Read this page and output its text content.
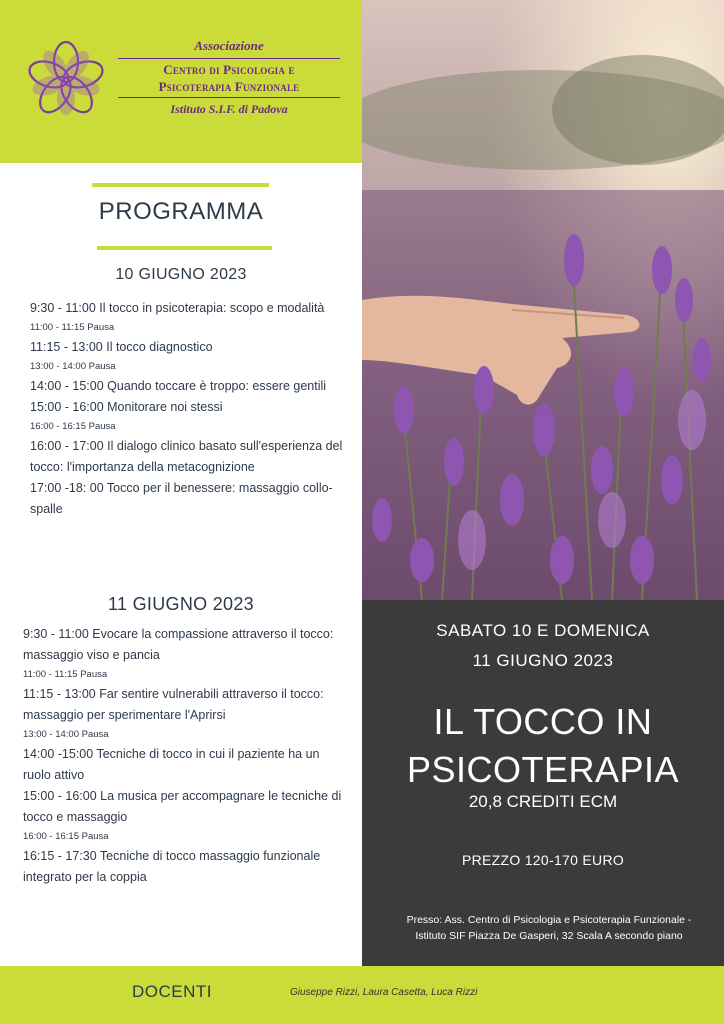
Associazione
Centro di Psicologia e
Psicoterapia Funzionale
Istituto S.I.F. di Padova
PROGRAMMA
10 GIUGNO 2023
9:30 - 11:00 Il tocco in psicoterapia: scopo e modalità
11:00 - 11:15 Pausa
11:15 - 13:00 Il tocco diagnostico
13:00 - 14:00 Pausa
14:00 - 15:00 Quando toccare è troppo: essere gentili
15:00 - 16:00 Monitorare noi stessi
16:00 - 16:15 Pausa
16:00 - 17:00 Il dialogo clinico basato sull'esperienza del tocco: l'importanza della metacognizione
17:00 -18: 00 Tocco per il benessere: massaggio collo-spalle
11 GIUGNO 2023
9:30 - 11:00 Evocare la compassione attraverso il tocco: massaggio viso e pancia
11:00 - 11:15 Pausa
11:15 - 13:00 Far sentire vulnerabili attraverso il tocco: massaggio per sperimentare l'Aprirsi
13:00 - 14:00 Pausa
14:00 -15:00 Tecniche di tocco in cui il paziente ha un ruolo attivo
15:00 - 16:00 La musica per accompagnare le tecniche di tocco e massaggio
16:00 - 16:15 Pausa
16:15 - 17:30 Tecniche di tocco massaggio funzionale integrato per la coppia
SABATO 10 E DOMENICA
11 GIUGNO 2023
IL TOCCO IN
PSICOTERAPIA
20,8 CREDITI ECM
PREZZO 120-170 EURO
Presso: Ass. Centro di Psicologia e Psicoterapia Funzionale -
Istituto SIF Piazza De Gasperi, 32 Scala A secondo piano
DOCENTI	Giuseppe Rizzi, Laura Casetta, Luca Rizzi
